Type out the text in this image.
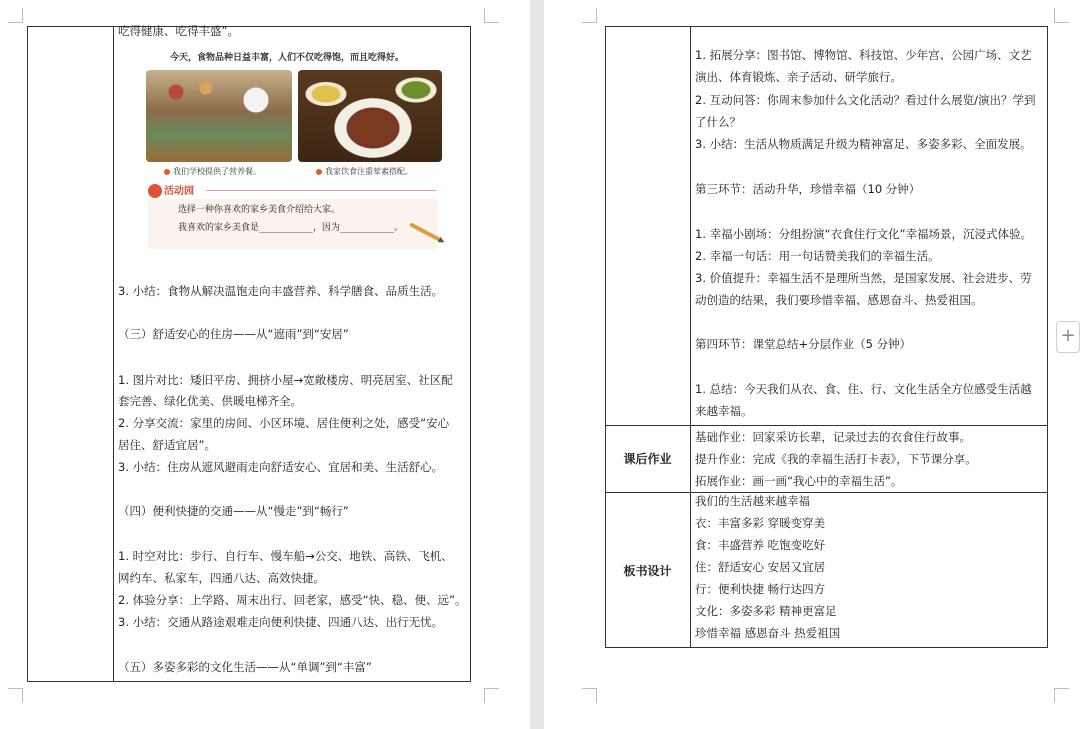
吃得健康、吃得丰盛”。
今天，食物品种日益丰富，人们不仅吃得饱，而且吃得好。
我们学校提供了营养餐。	我家饮食注重荤素搭配。
活动园
选择一种你喜欢的家乡美食介绍给大家。
我喜欢的家乡美食是____________，因为____________。
3. 小结：食物从解决温饱走向丰盛营养、科学膳食、品质生活。
（三）舒适安心的住房——从“遮雨”到“安居”
1. 图片对比：矮旧平房、拥挤小屋→宽敞楼房、明亮居室、社区配
套完善、绿化优美、供暖电梯齐全。
2. 分享交流：家里的房间、小区环境、居住便利之处，感受“安心
居住、舒适宜居”。
3. 小结：住房从遮风避雨走向舒适安心、宜居和美、生活舒心。
（四）便利快捷的交通——从“慢走”到“畅行”
1. 时空对比：步行、自行车、慢车船→公交、地铁、高铁、飞机、
网约车、私家车，四通八达、高效快捷。
2. 体验分享：上学路、周末出行、回老家，感受“快、稳、便、远”。
3. 小结：交通从路途艰难走向便利快捷、四通八达、出行无忧。
（五）多姿多彩的文化生活——从“单调”到“丰富”
1. 拓展分享：图书馆、博物馆、科技馆、少年宫、公园广场、文艺
演出、体育锻炼、亲子活动、研学旅行。
2. 互动问答：你周末参加什么文化活动？看过什么展览/演出？学到
了什么？
3. 小结：生活从物质满足升级为精神富足、多姿多彩、全面发展。
第三环节：活动升华，珍惜幸福（10 分钟）
1. 幸福小剧场：分组扮演“衣食住行文化”幸福场景，沉浸式体验。
2. 幸福一句话：用一句话赞美我们的幸福生活。
3. 价值提升：幸福生活不是理所当然，是国家发展、社会进步、劳
动创造的结果，我们要珍惜幸福、感恩奋斗、热爱祖国。
第四环节：课堂总结+分层作业（5 分钟）
1. 总结：今天我们从衣、食、住、行、文化生活全方位感受生活越
来越幸福。
课后作业
基础作业：回家采访长辈，记录过去的衣食住行故事。
提升作业：完成《我的幸福生活打卡表》，下节课分享。
拓展作业：画一画“我心中的幸福生活”。
板书设计
我们的生活越来越幸福
衣：丰富多彩 穿暖变穿美
食：丰盛营养 吃饱变吃好
住：舒适安心 安居又宜居
行：便利快捷 畅行达四方
文化：多姿多彩 精神更富足
珍惜幸福 感恩奋斗 热爱祖国
+
